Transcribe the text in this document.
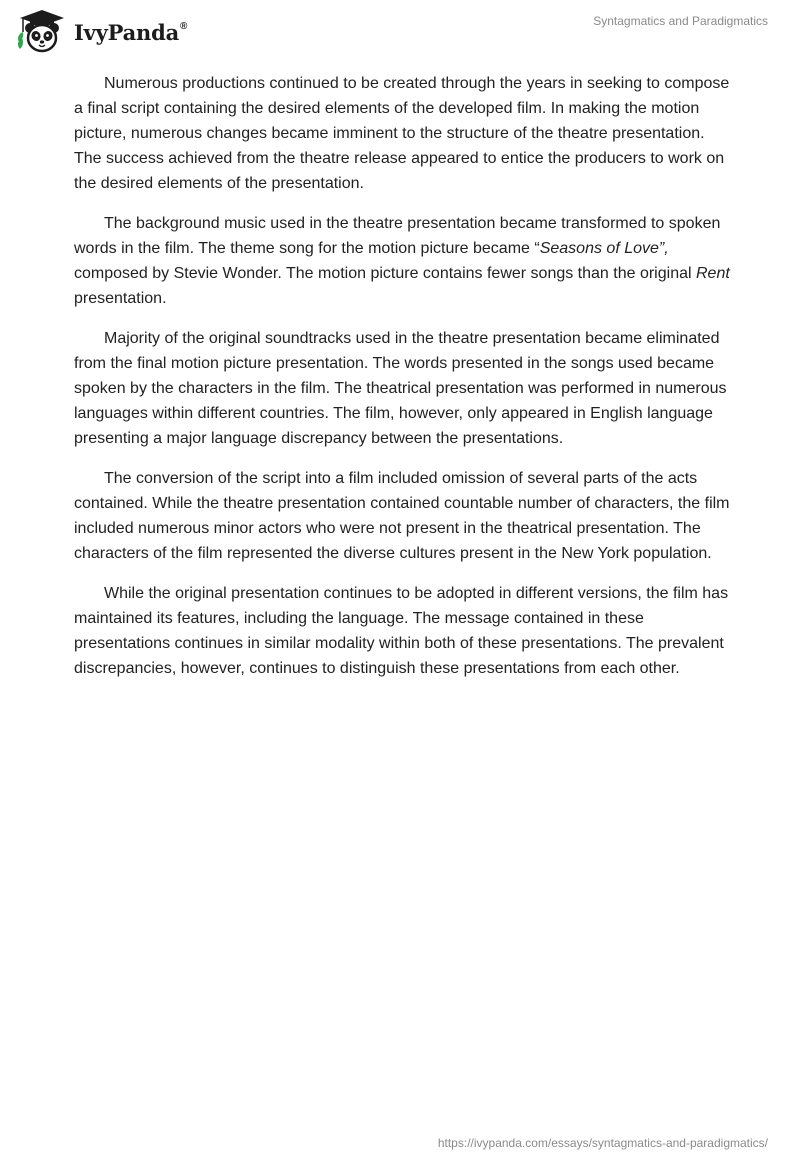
IvyPanda®	Syntagmatics and Paradigmatics

Numerous productions continued to be created through the years in seeking to compose a final script containing the desired elements of the developed film. In making the motion picture, numerous changes became imminent to the structure of the theatre presentation. The success achieved from the theatre release appeared to entice the producers to work on the desired elements of the presentation.

The background music used in the theatre presentation became transformed to spoken words in the film. The theme song for the motion picture became “Seasons of Love”, composed by Stevie Wonder. The motion picture contains fewer songs than the original Rent presentation.

Majority of the original soundtracks used in the theatre presentation became eliminated from the final motion picture presentation. The words presented in the songs used became spoken by the characters in the film. The theatrical presentation was performed in numerous languages within different countries. The film, however, only appeared in English language presenting a major language discrepancy between the presentations.

The conversion of the script into a film included omission of several parts of the acts contained. While the theatre presentation contained countable number of characters, the film included numerous minor actors who were not present in the theatrical presentation. The characters of the film represented the diverse cultures present in the New York population.

While the original presentation continues to be adopted in different versions, the film has maintained its features, including the language. The message contained in these presentations continues in similar modality within both of these presentations. The prevalent discrepancies, however, continues to distinguish these presentations from each other.

https://ivypanda.com/essays/syntagmatics-and-paradigmatics/
